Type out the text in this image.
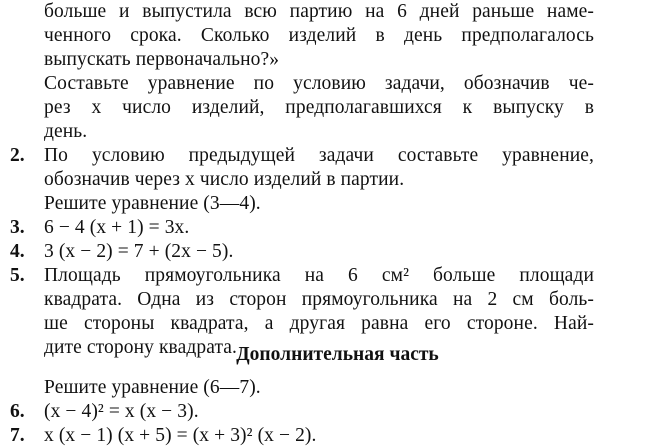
больше и выпустила всю партию на 6 дней раньше наме-
ченного срока. Сколько изделий в день предполагалось
выпускать первоначально?»
Составьте уравнение по условию задачи, обозначив че-
рез x число изделий, предполагавшихся к выпуску в
день.
2. По условию предыдущей задачи составьте уравнение,
обозначив через x число изделий в партии.
Решите уравнение (3—4).
3. 6 − 4 (x + 1) = 3x.
4. 3 (x − 2) = 7 + (2x − 5).
5. Площадь прямоугольника на 6 см² больше площади
квадрата. Одна из сторон прямоугольника на 2 см боль-
ше стороны квадрата, а другая равна его стороне. Най-
дите сторону квадрата. Дополнительная часть
Решите уравнение (6—7).
6. (x − 4)² = x (x − 3).
7. x (x − 1) (x + 5) = (x + 3)² (x − 2).
